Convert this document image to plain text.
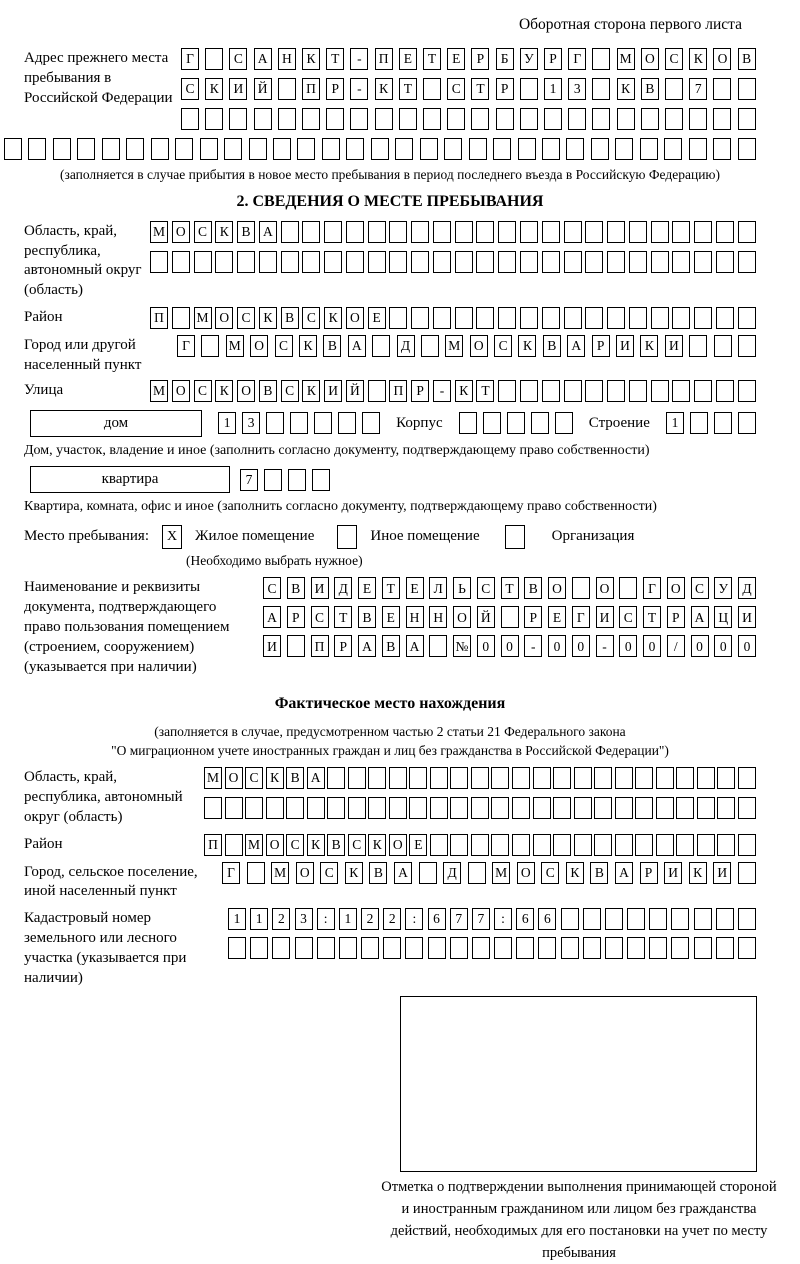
Оборотная сторона первого листа
Адрес прежнего места пребывания в Российской Федерации
Г	С	А	Н	К	Т	-	П	Е	Т	Е	Р	Б	У	Р	Г	М О	С	К	О	В
С	К	И	Й	П	Р	-	К	Т	С	Т	Р	1	3	К	В	7
(заполняется в случае прибытия в новое место пребывания в период последнего въезда в Российскую Федерацию)
2. СВЕДЕНИЯ О МЕСТЕ ПРЕБЫВАНИЯ
Область, край, республика, автономный округ (область)
М О С К В А
Район	П	М О С К В С К О Е
Город или другой населенный пункт
Г	М	О	С	К	В	А	Д	М	О	С	К	В	А	Р	И	К	И
Улица	М О С К О В С К И Й	П Р	-	К Т
дом	1	3	Корпус	Строение	1
Дом, участок, владение и иное (заполнить согласно документу, подтверждающему право собственности)
квартира	7
Квартира, комната, офис и иное (заполнить согласно документу, подтверждающему право собственности)
Место пребывания:	X	Жилое помещение	Иное помещение	Организация
(Необходимо выбрать нужное)
Наименование и реквизиты документа, подтверждающего право пользования помещением (строением, сооружением) (указывается при наличии)
С	В	И	Д	Е	Т	Е	Л	Ь	С	Т	В	О	О	Г	О	С	У	Д
А	Р	С	Т	В	Е	Н	Н	О	Й	Р	Е	Г	И	С	Т	Р	А	Ц	И
И	П	Р	А	В	А	№	0	0	-	0	0	-	0	0	/	0	0	0
Фактическое место нахождения
(заполняется в случае, предусмотренном частью 2 статьи 21 Федерального закона
"О миграционном учете иностранных граждан и лиц без гражданства в Российской Федерации")
Область, край, республика, автономный округ (область)
М О С К В А
Район	П	М О С К В С К О Е
Город, сельское поселение, иной населенный пункт
Г	М	О	С	К	В	А	Д	М	О	С	К	В	А	Р	И	К	И
Кадастровый номер земельного или лесного участка (указывается при наличии)
1	1	2	3	:	1	2	2	:	6	7	7	:	6	6
Отметка о подтверждении выполнения принимающей стороной и иностранным гражданином или лицом без гражданства действий, необходимых для его постановки на учет по месту пребывания
